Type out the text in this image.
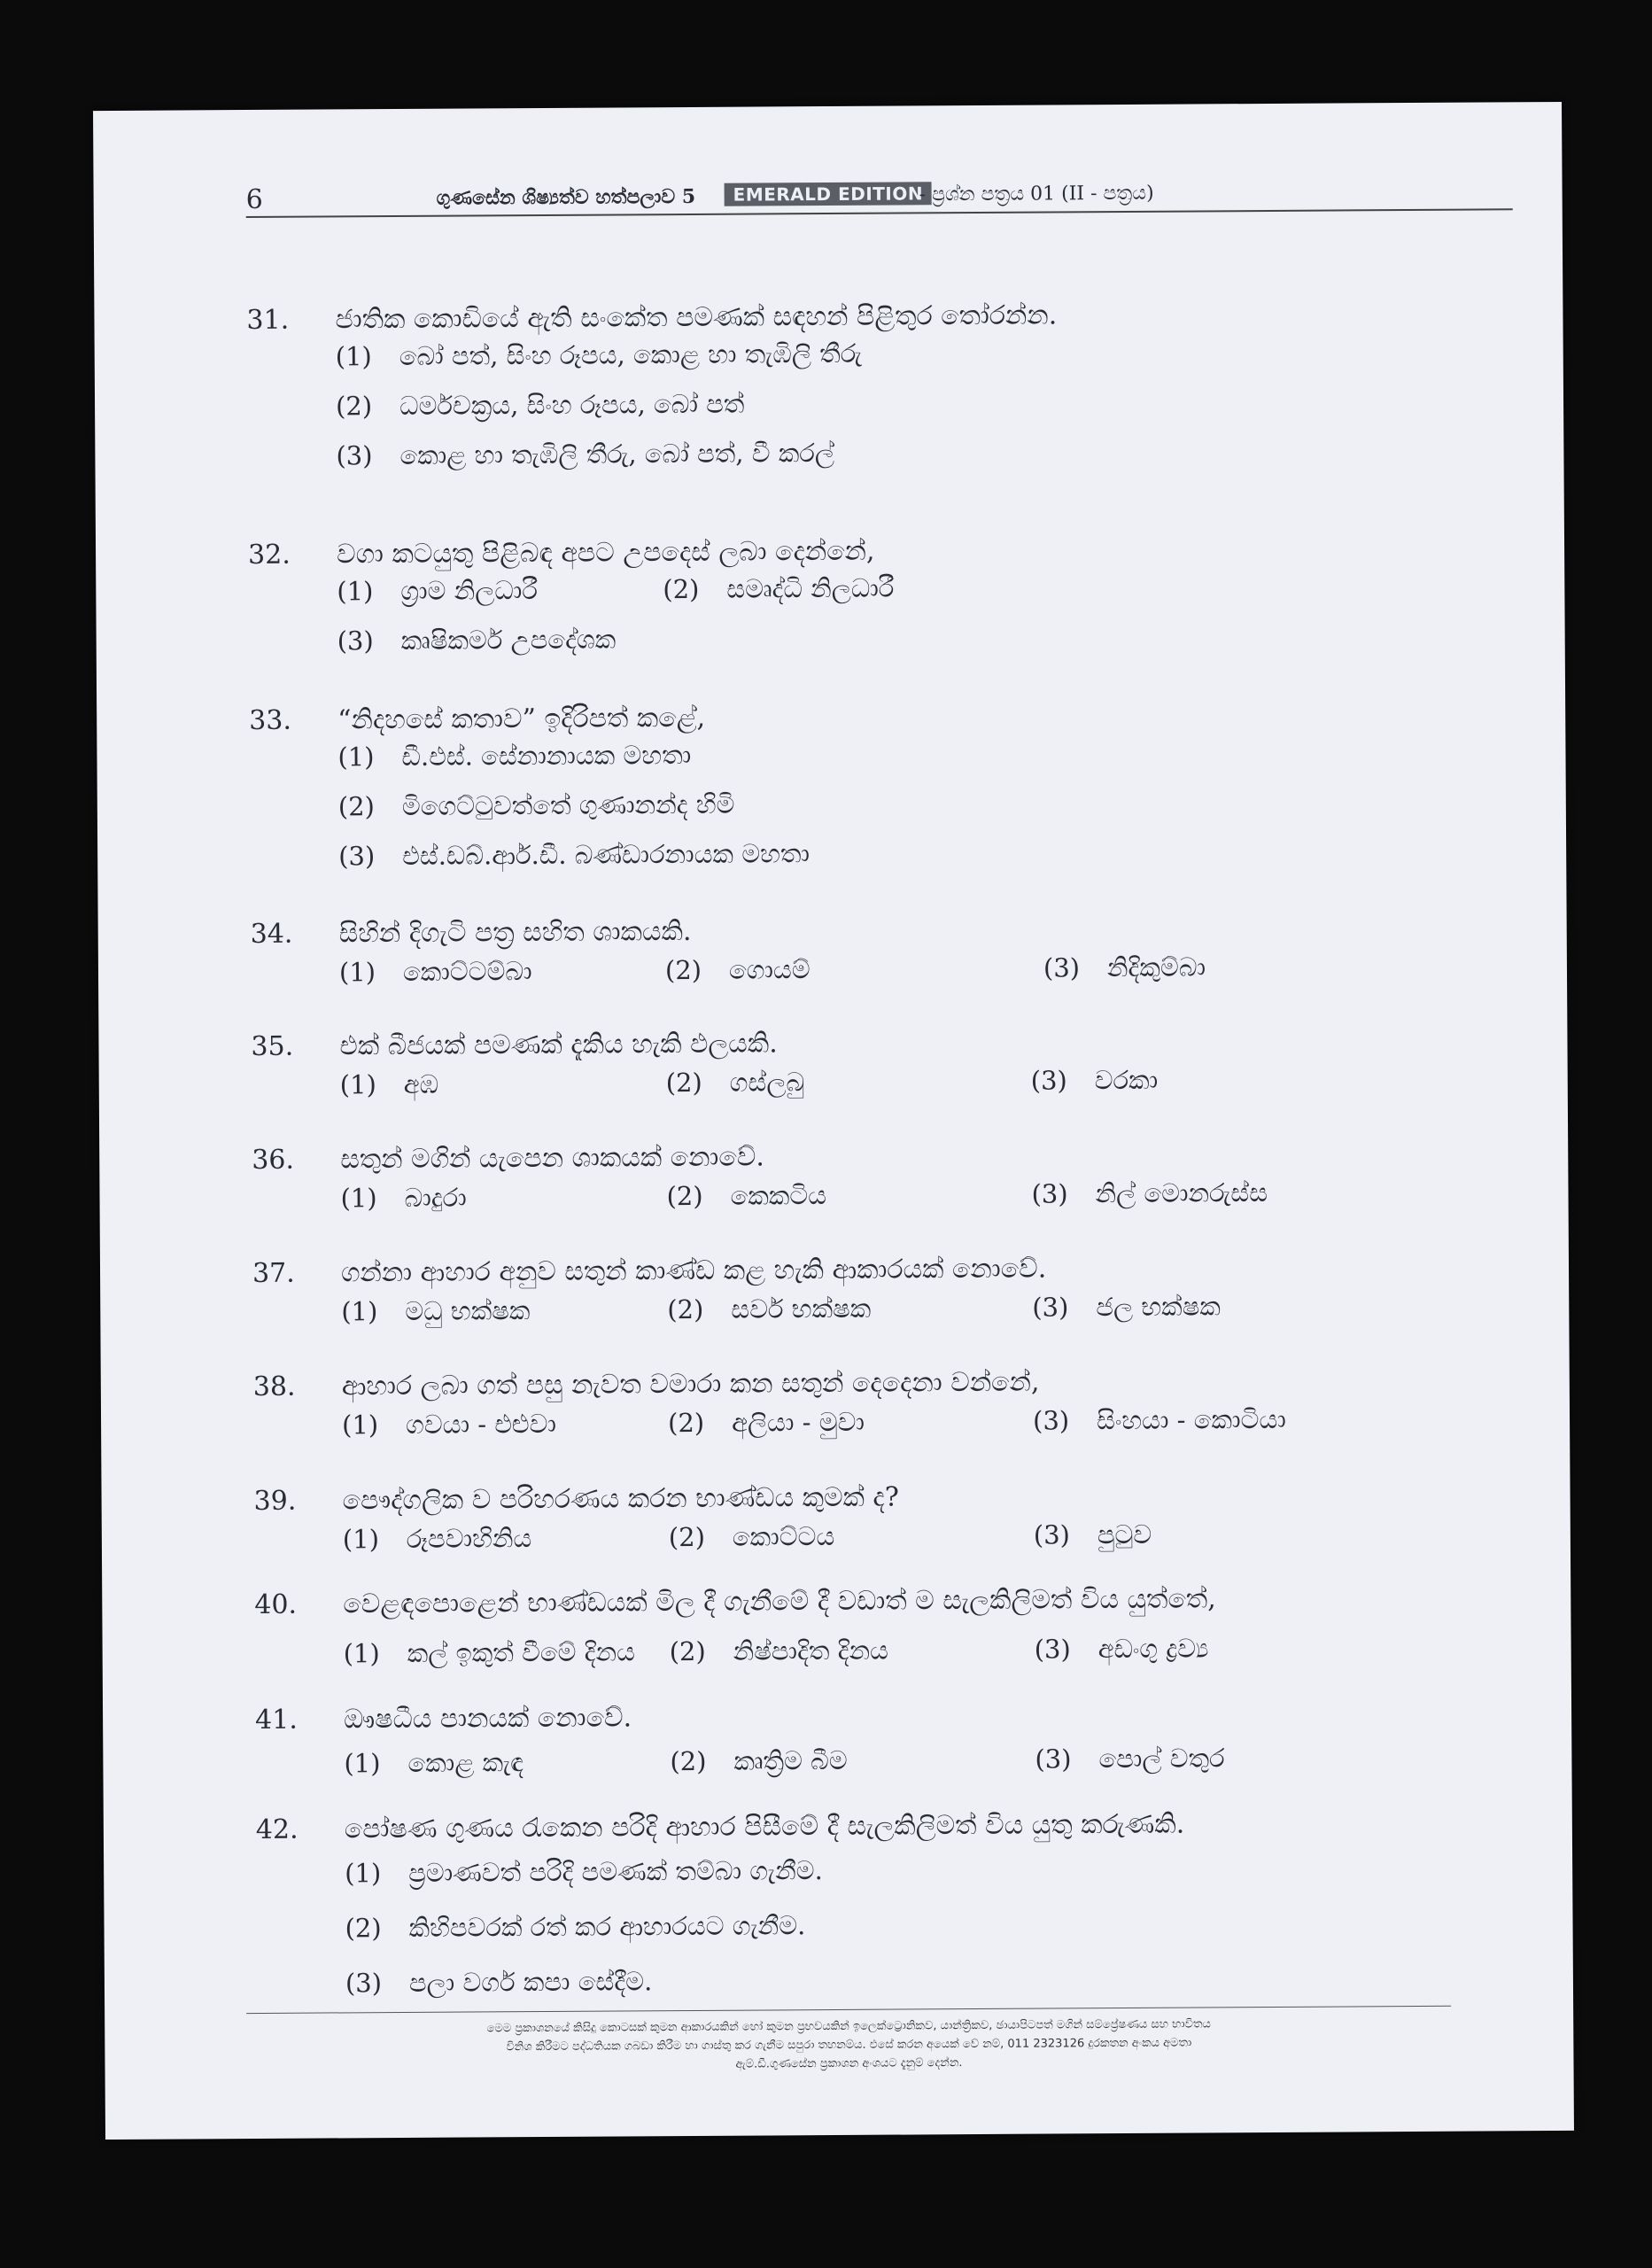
6	ගුණසේන ශිෂ්‍යත්ව හත්පලාව 5	EMERALD EDITION
- ප්‍රශ්න පත්‍රය 01 (II - පත්‍රය)
31. ජාතික කොඩියේ ඇති සංකේත පමණක් සඳහන් පිළිතුර තෝරන්න.
(1) බෝ පත්, සිංහ රූපය, කොළ හා තැඹිලි තීරු
(2) ධර්මචක්‍රය, සිංහ රූපය, බෝ පත්
(3) කොළ හා තැඹිලි තීරු, බෝ පත්, වී කරල්
32. වගා කටයුතු පිළිබඳ අපට උපදෙස් ලබා දෙන්නේ,
(1) ග්‍රාම නිලධාරී	(2) සමෘද්ධි නිලධාරී
(3) කෘෂිකර්ම උපදේශක
33. “නිදහසේ කතාව” ඉදිරිපත් කළේ,
(1) ඩී.එස්. සේනානායක මහතා
(2) මිගෙට්ටුවත්තේ ගුණානන්ද හිමි
(3) එස්.ඩබ්.ආර්.ඩී. බණ්ඩාරනායක මහතා
34. සිහින් දිගැටි පත්‍ර සහිත ශාකයකි.
(1) කොට්ටම්බා	(2) ගොයම්	(3) නිදිකුම්බා
35. එක් බීජයක් පමණක් දැකිය හැකි ඵලයකි.
(1) අඹ	(2) ගස්ලබු	(3) වරකා
36. සතුන් මගින් යැපෙන ශාකයක් නොවේ.
(1) බාදුරා	(2) කෙකටිය	(3) නිල් මොනරුස්ස
37. ගන්නා ආහාර අනුව සතුන් කාණ්ඩ කළ හැකි ආකාරයක් නොවේ.
(1) මධු භක්ෂක	(2) සර්ව භක්ෂක	(3) ජල භක්ෂක
38. ආහාර ලබා ගත් පසු නැවත වමාරා කන සතුන් දෙදෙනා වන්නේ,
(1) ගවයා - එළුවා	(2) අලියා - මුවා	(3) සිංහයා - කොටියා
39. පෞද්ගලික ව පරිහරණය කරන භාණ්ඩය කුමක් ද?
(1) රූපවාහිනිය	(2) කොට්ටය	(3) පුටුව
40. වෙළඳපොළෙන් භාණ්ඩයක් මිල දී ගැනීමේ දී වඩාත් ම සැලකිලිමත් විය යුත්තේ,
(1) කල් ඉකුත් වීමේ දිනය (2) නිෂ්පාදිත දිනය	(3) අඩංගු ද්‍රව්‍ය
41. ඖෂධීය පානයක් නොවේ.
(1) කොළ කැඳ	(2) කෘත්‍රිම බීම	(3) පොල් වතුර
42. පෝෂණ ගුණය රැකෙන පරිදි ආහාර පිසීමේ දී සැලකිලිමත් විය යුතු කරුණකි.
(1) ප්‍රමාණවත් පරිදි පමණක් තම්බා ගැනීම.
(2) කිහිපවරක් රත් කර ආහාරයට ගැනීම.
(3) පලා වර්ග කපා සේදීම.
මෙම ප්‍රකාශනයේ කිසිදු කොටසක් කුමන ආකාරයකින් හෝ කුමන ප්‍රභවයකින් ඉලෙක්ට්‍රොනිකව, යාන්ත්‍රිකව, ඡායාපිටපත් මගින් සම්ප්‍රේෂණය සහ භාවිතය
විනිශ කිරීමට පද්ධතියක ගබඩා කිරීම හා ගාස්තු කර ගැනීම සපුරා තහනම්ය. එසේ කරන අයෙක් වේ නම්, 011 2323126 දුරකතන අංකය අමතා
ඇම්.ඩී.ගුණසේන ප්‍රකාශන අංශයට දැනුම් දෙන්න.
